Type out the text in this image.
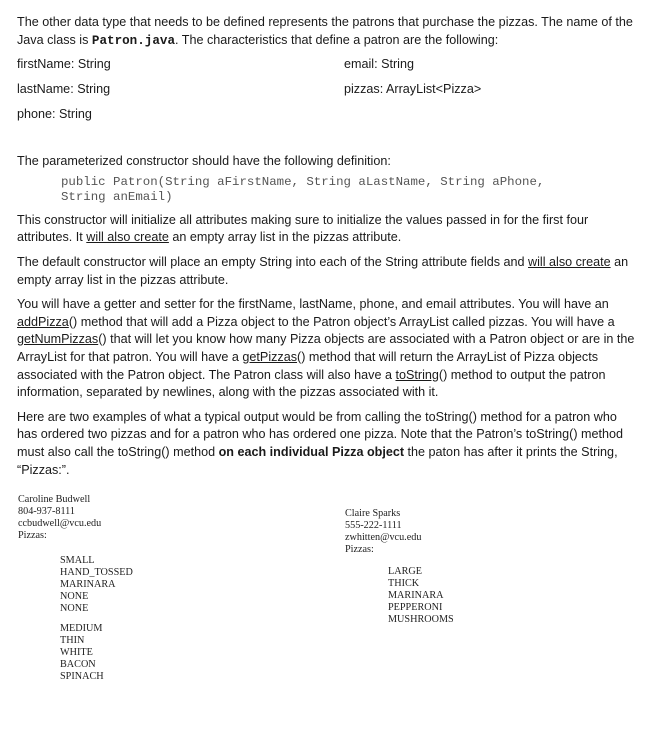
The other data type that needs to be defined represents the patrons that purchase the pizzas. The name of the Java class is Patron.java. The characteristics that define a patron are the following:

firstName: String
lastName: String
phone: String
email: String
pizzas: ArrayList<Pizza>

The parameterized constructor should have the following definition:

public Patron(String aFirstName, String aLastName, String aPhone,
String anEmail)

This constructor will initialize all attributes making sure to initialize the values passed in for the first four attributes. It will also create an empty array list in the pizzas attribute.

The default constructor will place an empty String into each of the String attribute fields and will also create an empty array list in the pizzas attribute.

You will have a getter and setter for the firstName, lastName, phone, and email attributes. You will have an addPizza() method that will add a Pizza object to the Patron object’s ArrayList called pizzas. You will have a getNumPizzas() that will let you know how many Pizza objects are associated with a Patron object or are in the ArrayList for that patron. You will have a getPizzas() method that will return the ArrayList of Pizza objects associated with the Patron object. The Patron class will also have a toString() method to output the patron information, separated by newlines, along with the pizzas associated with it.

Here are two examples of what a typical output would be from calling the toString() method for a patron who has ordered two pizzas and for a patron who has ordered one pizza. Note that the Patron’s toString() method must also call the toString() method on each individual Pizza object the paton has after it prints the String, “Pizzas:”.

Caroline Budwell
804-937-8111
ccbudwell@vcu.edu
Pizzas:
SMALL
HAND_TOSSED
MARINARA
NONE
NONE
MEDIUM
THIN
WHITE
BACON
SPINACH
Claire Sparks
555-222-1111
zwhitten@vcu.edu
Pizzas:
LARGE
THICK
MARINARA
PEPPERONI
MUSHROOMS
